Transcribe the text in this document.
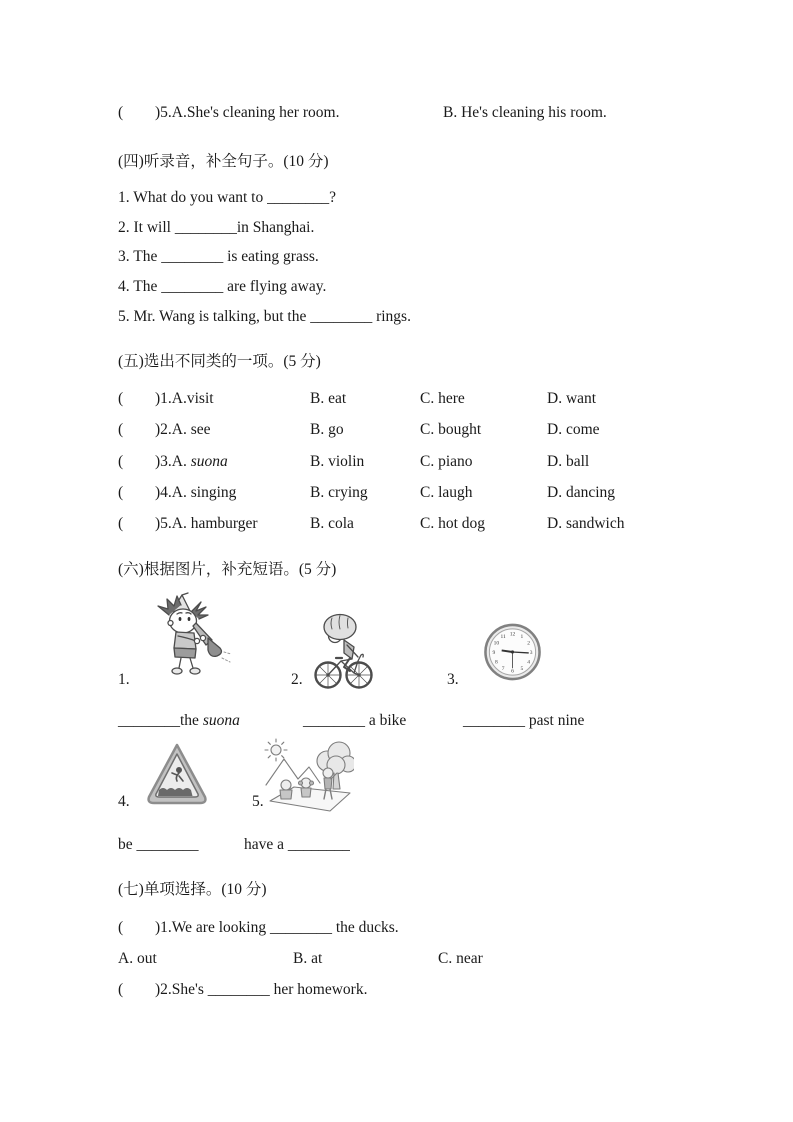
( )5.A.She's cleaning her room.	B. He's cleaning his room.
(四)听录音，补全句子。(10 分)
1. What do you want to ________?
2. It will ________in Shanghai.
3. The ________ is eating grass.
4. The ________ are flying away.
5. Mr. Wang is talking, but the ________ rings.
(五)选出不同类的一项。(5 分)
( )1.A.visit	B. eat	C. here	D. want
( )2.A. see	B. go	C. bought	D. come
( )3.A. suona	B. violin	C. piano	D. ball
( )4.A. singing	B. crying	C. laugh	D. dancing
( )5.A. hamburger	B. cola	C. hot dog	D. sandwich
(六)根据图片，补充短语。(5 分)
12 1
2
3
4
5
6
7
8
9
10
11
1.	2.	3.
________the suona	________ a bike	________ past nine
4.	5.
be ________	have a ________
(七)单项选择。(10 分)
( )1.We are looking ________ the ducks.
A. out	B. at	C. near
( )2.She's ________ her homework.
